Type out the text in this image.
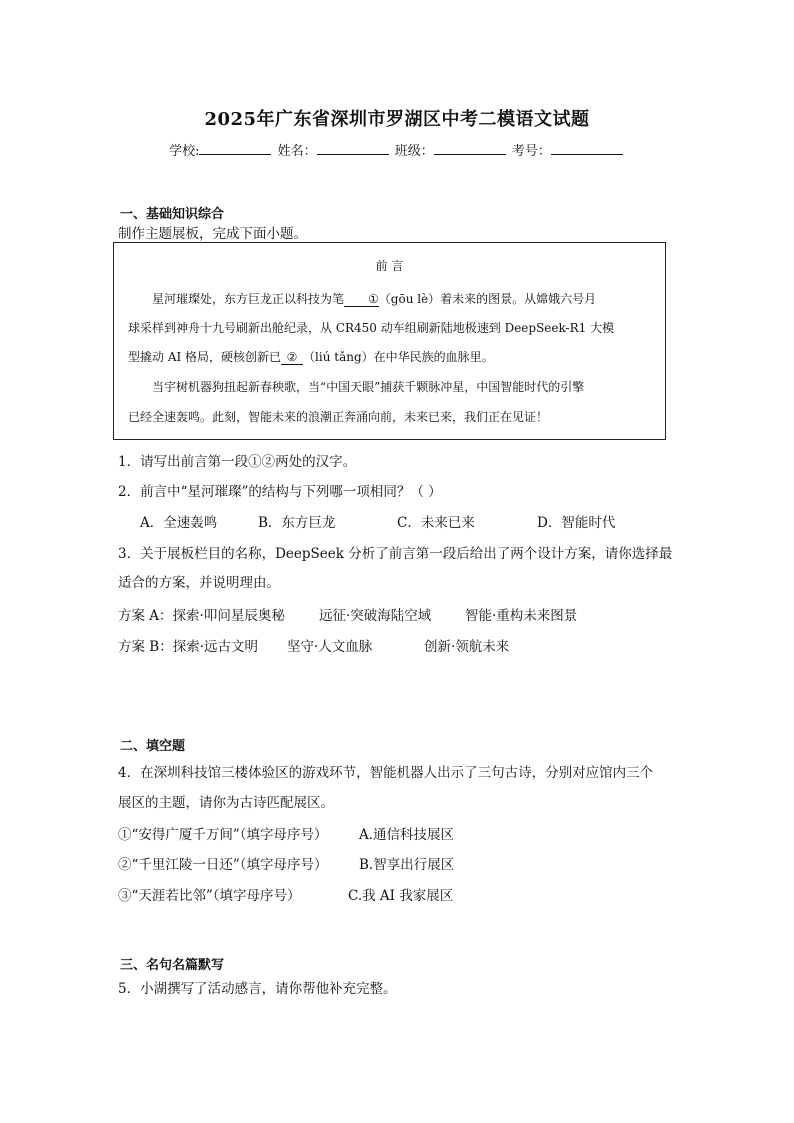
2025年广东省深圳市罗湖区中考二模语文试题
学校:	姓名：	班级：	考号：
一、基础知识综合
制作主题展板，完成下面小题。
前 言

星河璀璨处，东方巨龙正以科技为笔 ①（gōu lè）着未来的图景。从嫦娥六号月

球采样到神舟十九号刷新出舱纪录，从 CR450 动车组刷新陆地极速到 DeepSeek-R1 大模

型撬动 AI 格局，硬核创新已 ② （liú tǎng）在中华民族的血脉里。

当宇树机器狗扭起新春秧歌，当“中国天眼”捕获千颗脉冲星，中国智能时代的引擎

已经全速轰鸣。此刻，智能未来的浪潮正奔涌向前，未来已来，我们正在见证！

1．请写出前言第一段①②两处的汉字。
2．前言中“星河璀璨”的结构与下列哪一项相同？（ ）
A．全速轰鸣	B．东方巨龙	C．未来已来	D．智能时代
3．关于展板栏目的名称，DeepSeek 分析了前言第一段后给出了两个设计方案，请你选择最
适合的方案，并说明理由。
方案 A：探索·叩问星辰奥秘	远征·突破海陆空域 智能·重构未来图景
方案 B：探索·远古文明 坚守·人文血脉	创新·领航未来
二、填空题
4．在深圳科技馆三楼体验区的游戏环节，智能机器人出示了三句古诗，分别对应馆内三个
展区的主题，请你为古诗匹配展区。
①“安得广厦千万间”（填字母序号） A.通信科技展区
②“千里江陵一日还”（填字母序号） B.智享出行展区
③“天涯若比邻”（填字母序号）	C.我 AI 我家展区
三、名句名篇默写
5．小湖撰写了活动感言，请你帮他补充完整。
